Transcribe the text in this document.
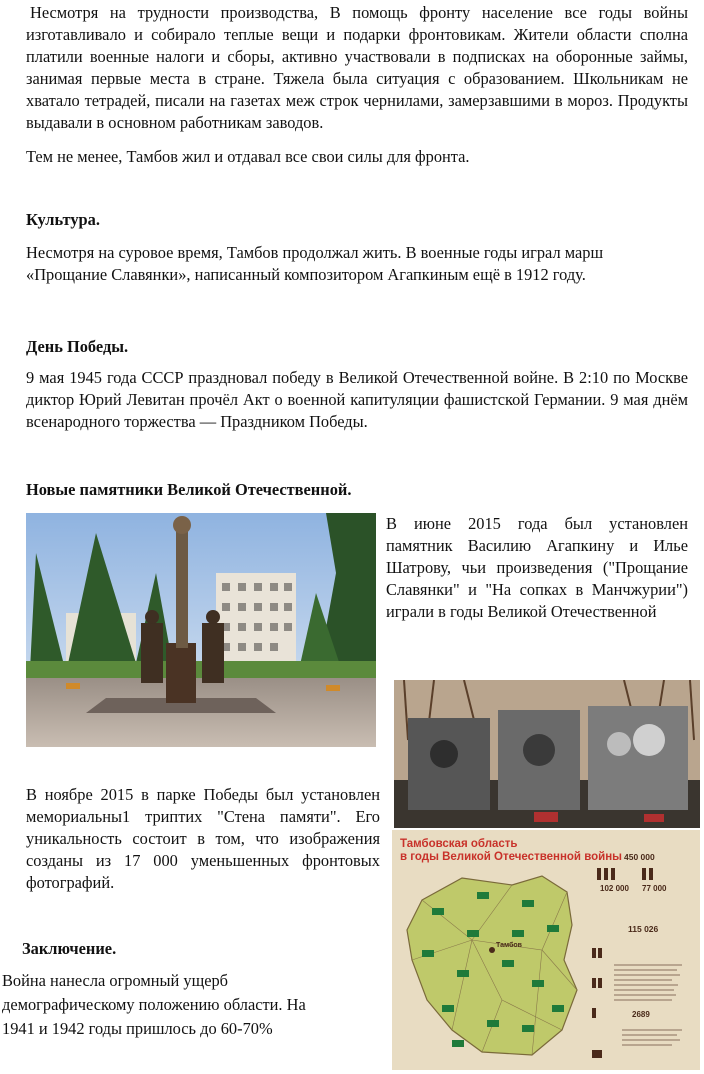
Несмотря на трудности производства, В помощь фронту население все годы войны изготавливало и собирало теплые вещи и подарки фронтовикам. Жители области сполна платили военные налоги и сборы, активно участвовали в подписках на оборонные займы, занимая первые места в стране. Тяжела была ситуация с образованием. Школьникам не хватало тетрадей, писали на газетах меж строк чернилами, замерзавшими в мороз. Продукты выдавали в основном работникам заводов.

Тем не менее, Тамбов жил и отдавал все свои силы для фронта.

Культура.

Несмотря на суровое время, Тамбов продолжал жить. В военные годы играл марш «Прощание Славянки», написанный композитором Агапкиным ещё в 1912 году.

День Победы.

9 мая 1945 года СССР праздновал победу в Великой Отечественной войне. В 2:10 по Москве диктор Юрий Левитан прочёл Акт о военной капитуляции фашистской Германии. 9 мая днём всенародного торжества — Праздником Победы.

Новые памятники Великой Отечественной.

В июне 2015 года был установлен памятник Василию Агапкину и Илье Шатрову, чьи произведения ("Прощание Славянки" и "На сопках в Манчжурии") играли в годы Великой Отечественной

В ноябре 2015 в парке Победы был установлен мемориальны1 триптих "Стена памяти". Его уникальность состоит в том, что изображения созданы из 17 000 уменьшенных фронтовых фотографий.

Тамбовская область
в годы Великой Отечественной войны
Тамбов
450 000
102 000 77 000
115 026
2689
Заключение.

Война нанесла огромный ущерб демографическому положению области. На 1941 и 1942 годы пришлось до 60-70%
